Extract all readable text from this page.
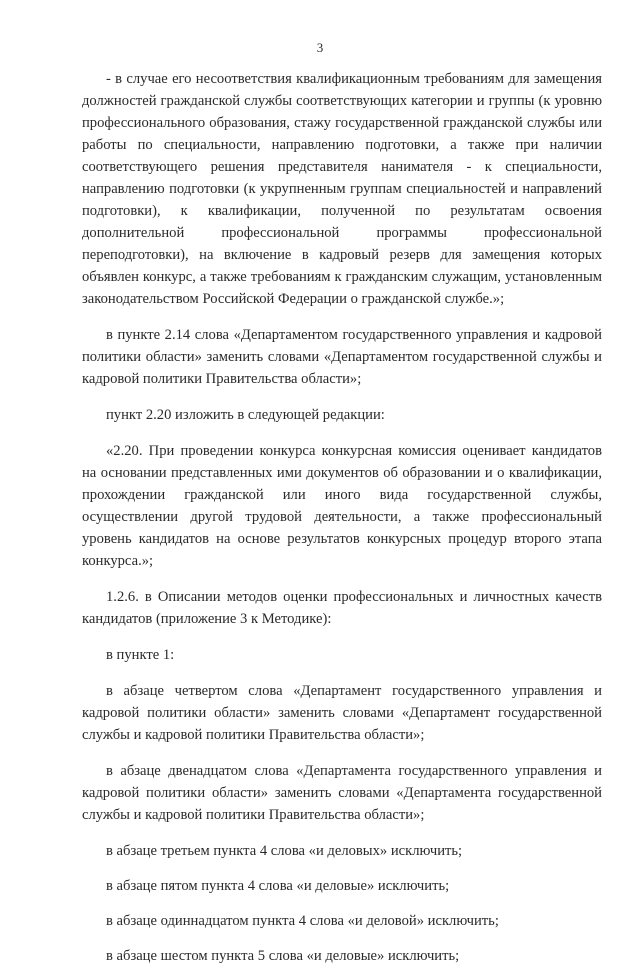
3

- в случае его несоответствия квалификационным требованиям для замещения должностей гражданской службы соответствующих категории и группы (к уровню профессионального образования, стажу государственной гражданской службы или работы по специальности, направлению подготовки, а также при наличии соответствующего решения представителя нанимателя - к специальности, направлению подготовки (к укрупненным группам специальностей и направлений подготовки), к квалификации, полученной по результатам освоения дополнительной профессиональной программы профессиональной переподготовки), на включение в кадровый резерв для замещения которых объявлен конкурс, а также требованиям к гражданским служащим, установленным законодательством Российской Федерации о гражданской службе.»;

в пункте 2.14 слова «Департаментом государственного управления и кадровой политики области» заменить словами «Департаментом государственной службы и кадровой политики Правительства области»;

пункт 2.20 изложить в следующей редакции:

«2.20. При проведении конкурса конкурсная комиссия оценивает кандидатов на основании представленных ими документов об образовании и о квалификации, прохождении гражданской или иного вида государственной службы, осуществлении другой трудовой деятельности, а также профессиональный уровень кандидатов на основе результатов конкурсных процедур второго этапа конкурса.»;

1.2.6. в Описании методов оценки профессиональных и личностных качеств кандидатов (приложение 3 к Методике):

в пункте 1:

в абзаце четвертом слова «Департамент государственного управления и кадровой политики области» заменить словами «Департамент государственной службы и кадровой политики Правительства области»;

в абзаце двенадцатом слова «Департамента государственного управления и кадровой политики области» заменить словами «Департамента государственной службы и кадровой политики Правительства области»;

в абзаце третьем пункта 4 слова «и деловых» исключить;

в абзаце пятом пункта 4 слова «и деловые» исключить;

в абзаце одиннадцатом пункта 4 слова «и деловой» исключить;

в абзаце шестом пункта 5 слова «и деловые» исключить;
